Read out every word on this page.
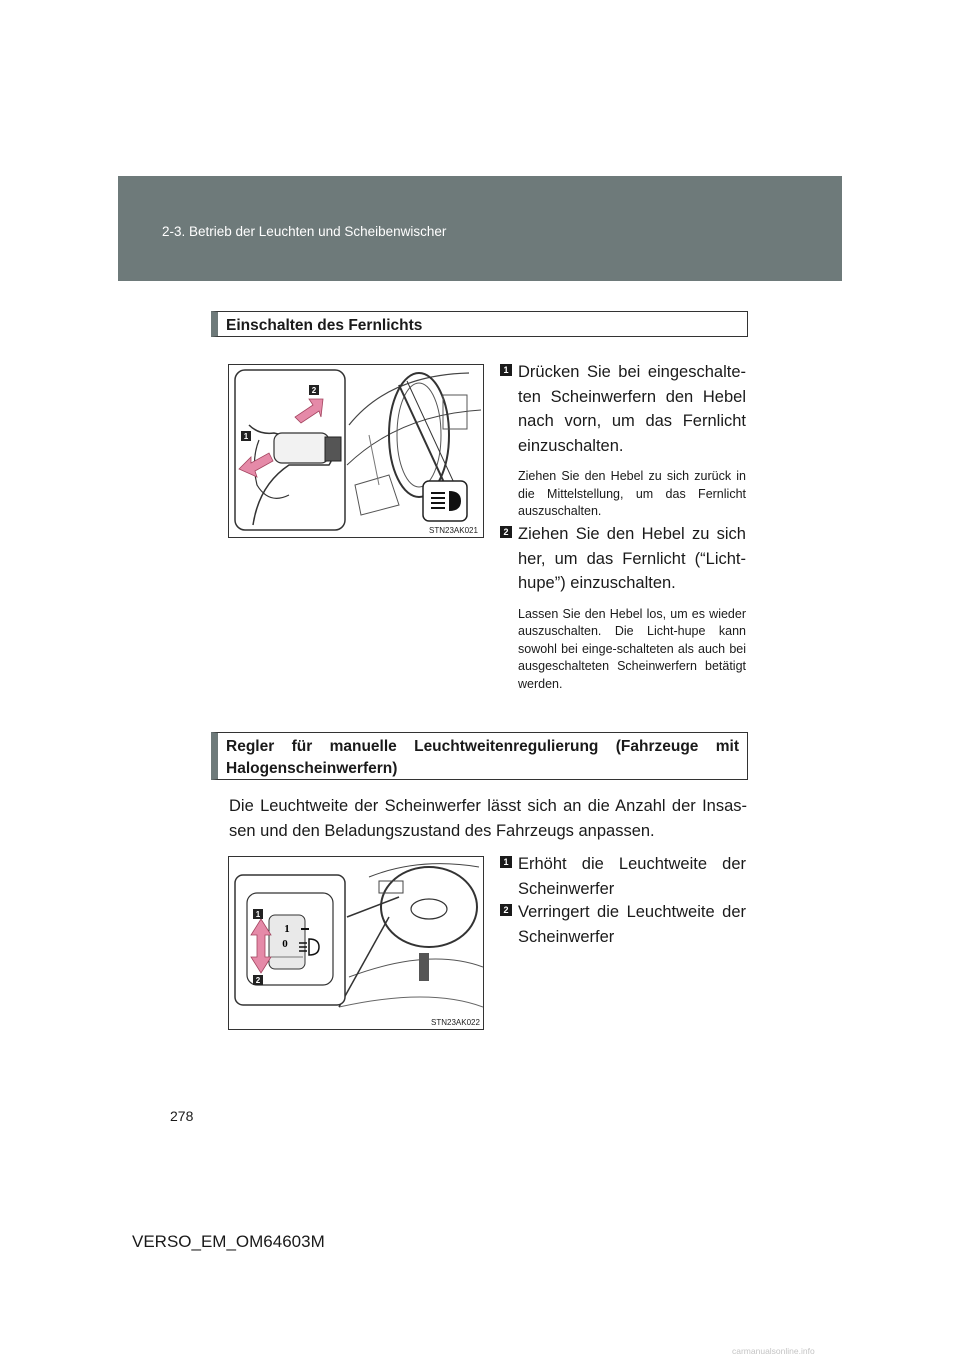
2-3. Betrieb der Leuchten und Scheibenwischer
Einschalten des Fernlichts
1
2
STN23AK021
1 Drücken Sie bei eingeschalte-ten Scheinwerfern den Hebel nach vorn, um das Fernlicht einzuschalten.
Ziehen Sie den Hebel zu sich zurück in die Mittelstellung, um das Fernlicht auszuschalten.
2 Ziehen Sie den Hebel zu sich her, um das Fernlicht (“Licht-hupe”) einzuschalten.
Lassen Sie den Hebel los, um es wieder auszuschalten. Die Licht-hupe kann sowohl bei einge-schalteten als auch bei ausgeschalteten Scheinwerfern betätigt werden.
Regler für manuelle Leuchtweitenregulierung (Fahrzeuge mit Halogenscheinwerfern)
Die Leuchtweite der Scheinwerfer lässt sich an die Anzahl der Insas-sen und den Beladungszustand des Fahrzeugs anpassen.
1
0
1
2
STN23AK022
1 Erhöht die Leuchtweite der Scheinwerfer
2 Verringert die Leuchtweite der Scheinwerfer
278
VERSO_EM_OM64603M
carmanualsonline.info
